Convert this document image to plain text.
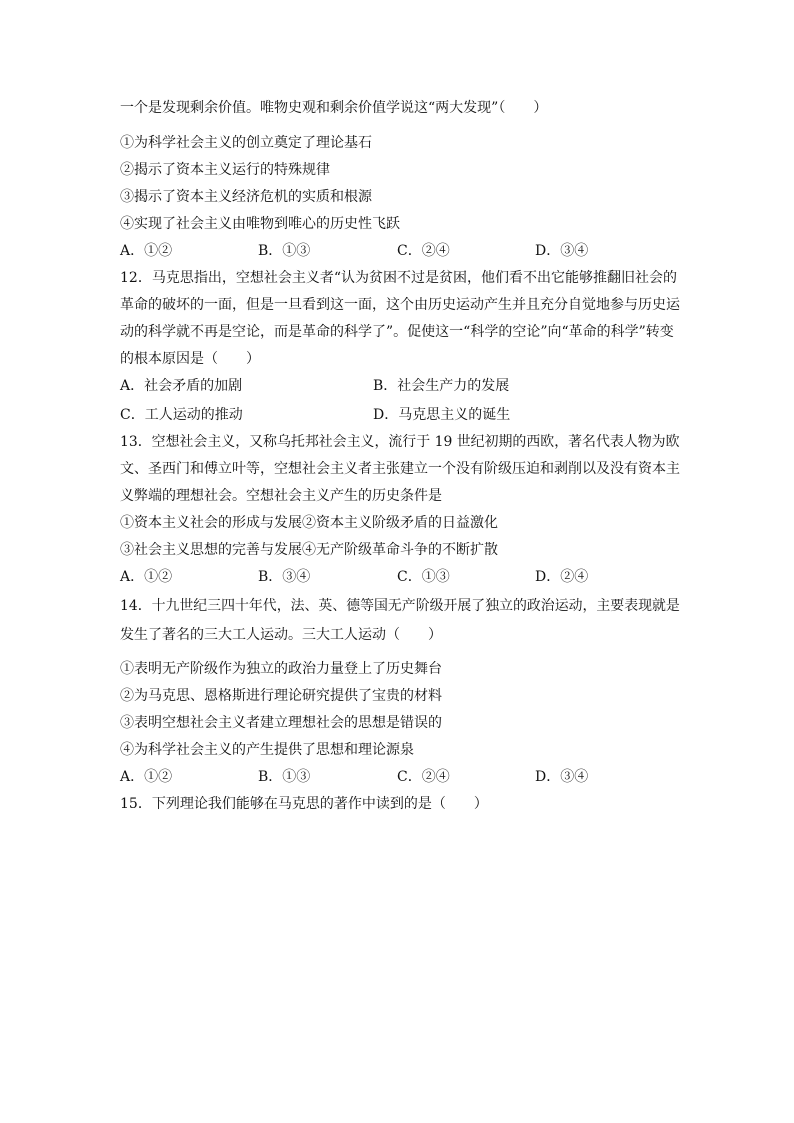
一个是发现剩余价值。唯物史观和剩余价值学说这“两大发现”（　　）
①为科学社会主义的创立奠定了理论基石
②揭示了资本主义运行的特殊规律
③揭示了资本主义经济危机的实质和根源
④实现了社会主义由唯物到唯心的历史性飞跃
A．①②	B．①③	C．②④	D．③④
12．马克思指出，空想社会主义者“认为贫困不过是贫困，他们看不出它能够推翻旧社会的
革命的破坏的一面，但是一旦看到这一面，这个由历史运动产生并且充分自觉地参与历史运
动的科学就不再是空论，而是革命的科学了”。促使这一“科学的空论”向“革命的科学”转变
的根本原因是（　　）
A．社会矛盾的加剧	B．社会生产力的发展
C．工人运动的推动	D．马克思主义的诞生
13．空想社会主义，又称乌托邦社会主义，流行于 19 世纪初期的西欧，著名代表人物为欧
文、圣西门和傅立叶等，空想社会主义者主张建立一个没有阶级压迫和剥削以及没有资本主
义弊端的理想社会。空想社会主义产生的历史条件是
①资本主义社会的形成与发展②资本主义阶级矛盾的日益激化
③社会主义思想的完善与发展④无产阶级革命斗争的不断扩散
A．①②	B．③④	C．①③	D．②④
14．十九世纪三四十年代，法、英、德等国无产阶级开展了独立的政治运动，主要表现就是
发生了著名的三大工人运动。三大工人运动（　　）
①表明无产阶级作为独立的政治力量登上了历史舞台
②为马克思、恩格斯进行理论研究提供了宝贵的材料
③表明空想社会主义者建立理想社会的思想是错误的
④为科学社会主义的产生提供了思想和理论源泉
A．①②	B．①③	C．②④	D．③④
15．下列理论我们能够在马克思的著作中读到的是（　　）
